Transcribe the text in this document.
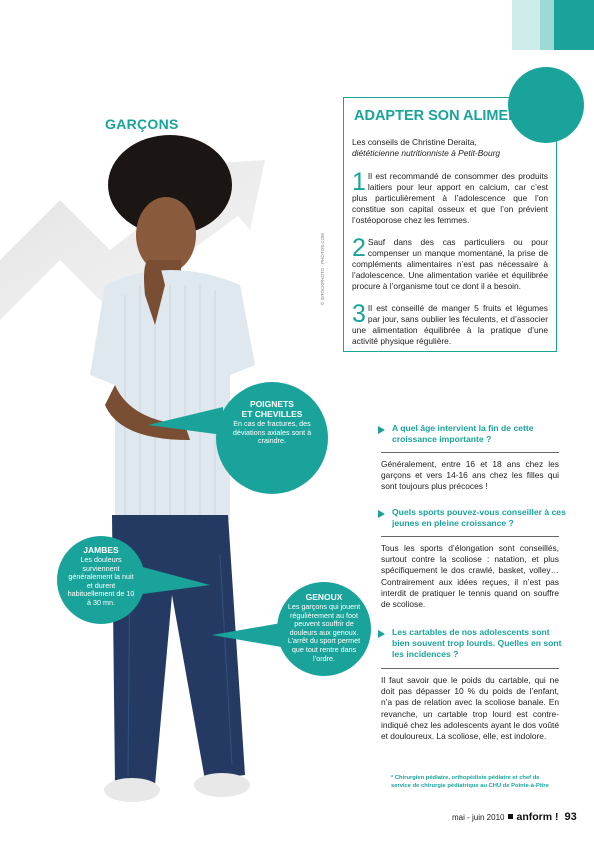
GARÇONS	ADAPTER SON ALIMENTATION
Les conseils de Christine Deraita,
diététicienne nutritionniste à Petit-Bourg
1 Il est recommandé de consommer des produits laitiers pour leur apport en calcium, car c’est plus particulièrement à l’adolescence que l’on constitue son capital osseux et que l’on prévient l’ostéoporose chez les femmes.
2 Sauf dans des cas particuliers ou pour compenser un manque momentané, la prise de compléments alimentaires n’est pas nécessaire à l’adolescence. Une alimentation variée et équilibrée procure à l’organisme tout ce dont il a besoin.
3 Il est conseillé de manger 5 fruits et légumes par jour, sans oublier les féculents, et d’associer une alimentation équilibrée à la pratique d’une activité physique régulière.
© ISTOCKPHOTO - PHOTOS.COM
POIGNETS
ET CHEVILLES
En cas de fractures, des déviations axiales sont à craindre.
JAMBES
Les douleurs surviennent généralement la nuit et durent habituellement de 10 à 30 mn.
GENOUX
Les garçons qui jouent régulièrement au foot peuvent souffrir de douleurs aux genoux. L’arrêt du sport permet que tout rentre dans l’ordre.
A quel âge intervient la fin de cette croissance importante ?
Généralement, entre 16 et 18 ans chez les garçons et vers 14-16 ans chez les filles qui sont toujours plus précoces !
Quels sports pouvez-vous conseiller à ces jeunes en pleine croissance ?
Tous les sports d’élongation sont conseillés, surtout contre la scoliose : natation, et plus spécifiquement le dos crawlé, basket, volley… Contrairement aux idées reçues, il n’est pas interdit de pratiquer le tennis quand on souffre de scoliose.
Les cartables de nos adolescents sont bien souvent trop lourds. Quelles en sont les incidences ?
Il faut savoir que le poids du cartable, qui ne doit pas dépasser 10 % du poids de l’enfant, n’a pas de relation avec la scoliose banale. En revanche, un cartable trop lourd est contre-indiqué chez les adolescents ayant le dos voûté et douloureux. La scoliose, elle, est indolore.
* Chirurgien pédiatre, orthopédiste pédiatre et chef de service de chirurgie pédiatrique au CHU de Pointe-à-Pitre
mai - juin 2010 anform ! 93
